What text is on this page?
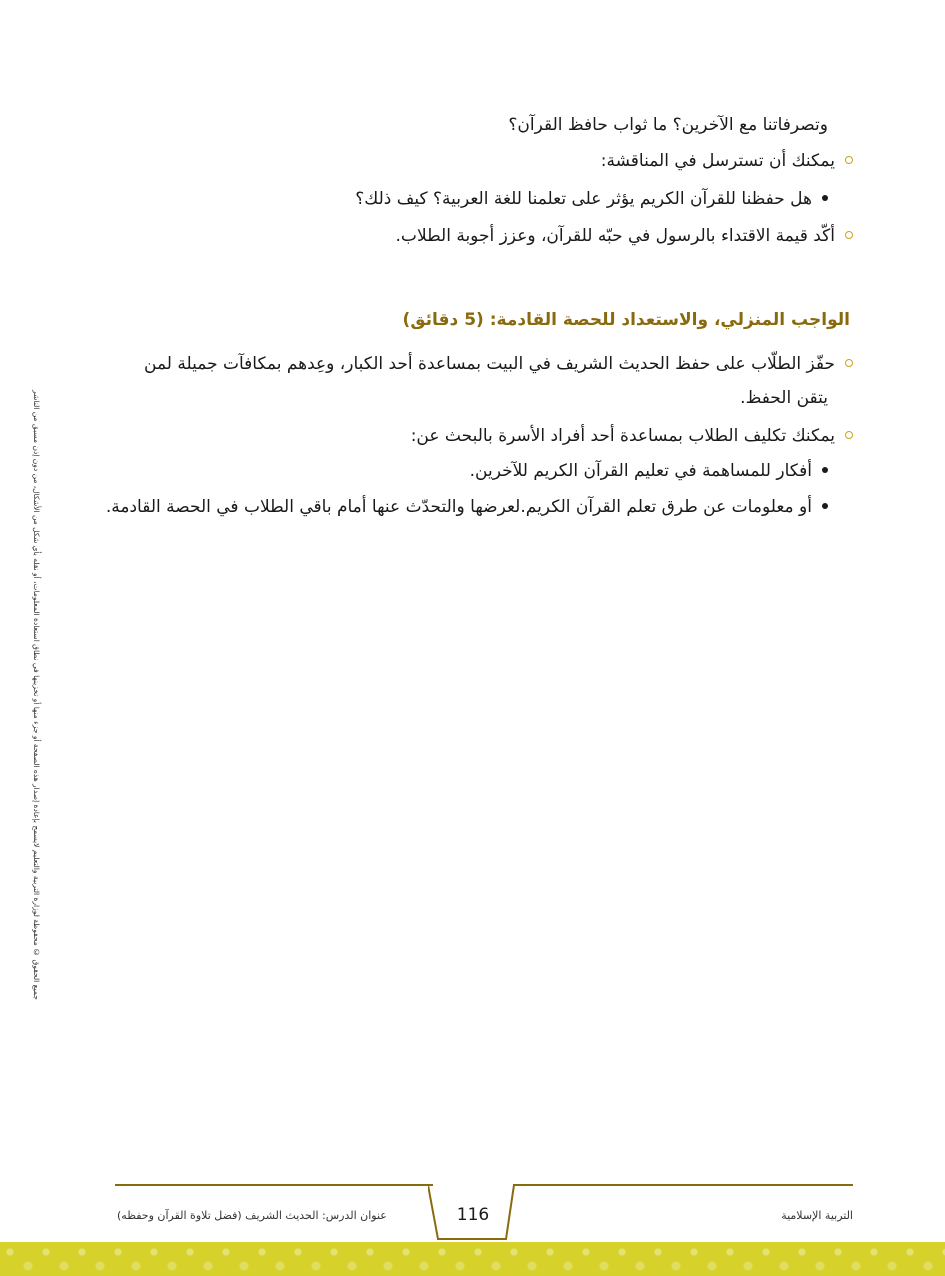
وتصرفاتنا مع الآخرين؟ ما ثواب حافظ القرآن؟
يمكنك أن تسترسل في المناقشة:
هل حفظنا للقرآن الكريم يؤثر على تعلمنا للغة العربية؟ كيف ذلك؟
أكّد قيمة الاقتداء بالرسول في حبّه للقرآن، وعزز أجوبة الطلاب.
الواجب المنزلي، والاستعداد للحصة القادمة: (5 دقائق)
حفّز الطلّاب على حفظ الحديث الشريف في البيت بمساعدة أحد الكبار، وعِدهم بمكافآت جميلة لمن
يتقن الحفظ.
يمكنك تكليف الطلاب بمساعدة أحد أفراد الأسرة بالبحث عن:
أفكار للمساهمة في تعليم القرآن الكريم للآخرين.
أو معلومات عن طرق تعلم القرآن الكريم.لعرضها والتحدّث عنها أمام باقي الطلاب في الحصة القادمة.
جميع الحقوق © محفوظة لوزارة التربية والتعليم لايسمح بإعادة إصدار هذه الصفحة أو جزء منها أو تخزينها في نطاق استعادة المعلومات، أو نقله بأي شكل من الأشكال، من دون إذن مسبق من الناشر
116
عنوان الدرس: الحديث الشريف (فضل تلاوة القرآن وحفظه)	التربية الإسلامية
